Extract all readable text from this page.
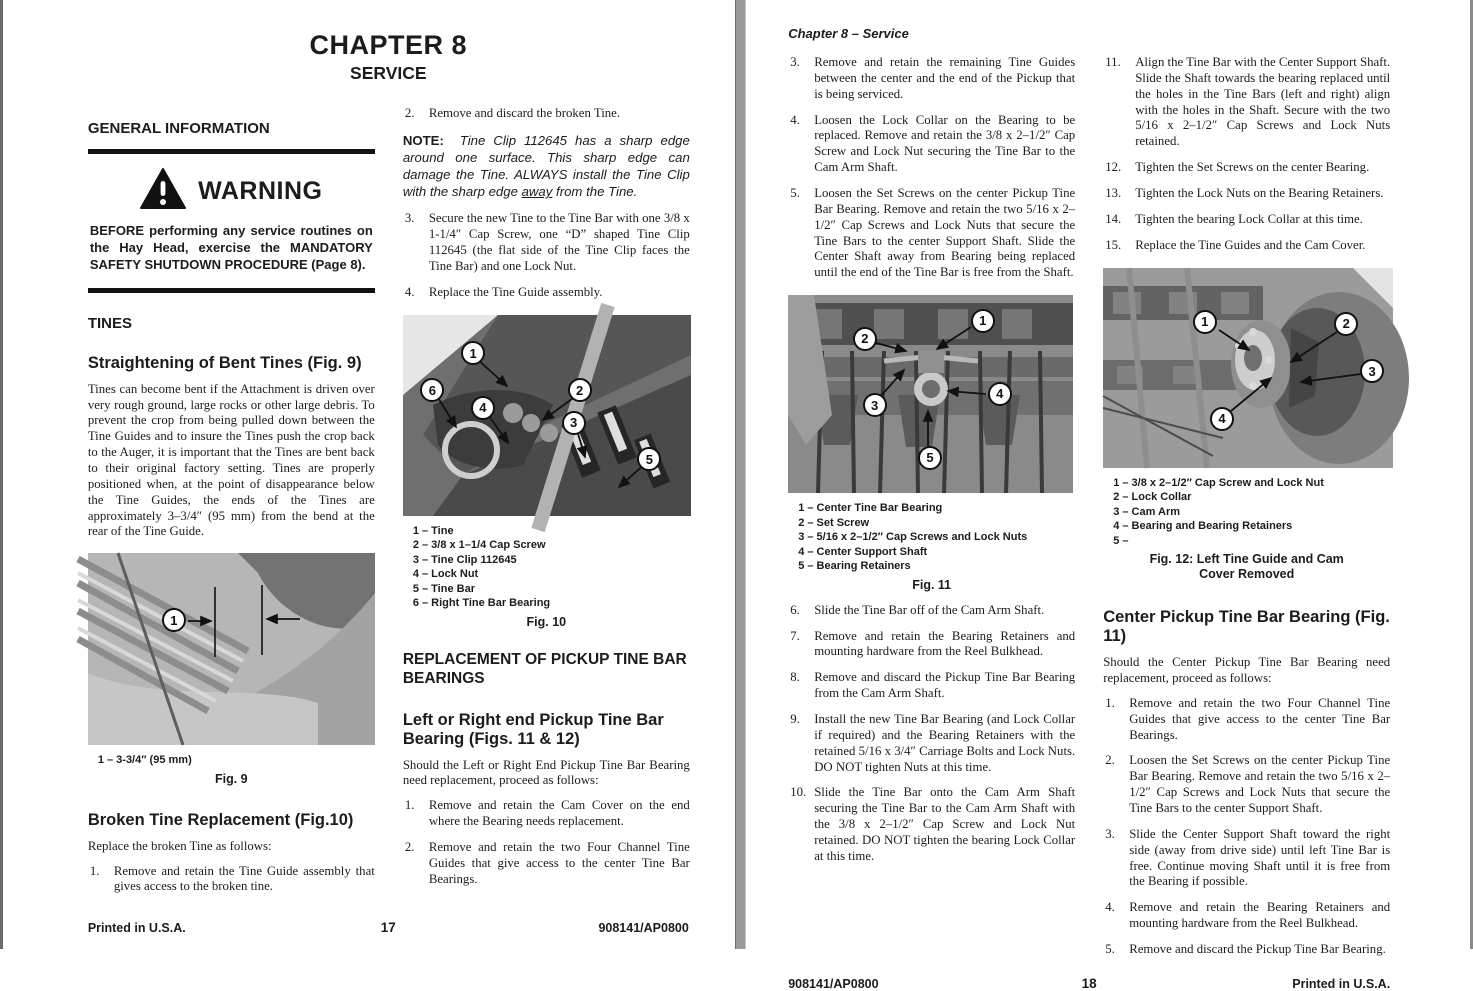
CHAPTER 8
SERVICE
GENERAL INFORMATION
WARNING
BEFORE performing any service routines on the Hay Head, exercise the MANDATORY SAFETY SHUTDOWN PROCEDURE (Page 8).
TINES
Straightening of Bent Tines (Fig. 9)

Tines can become bent if the Attachment is driven over very rough ground, large rocks or other large debris. To prevent the crop from being pulled down between the Tine Guides and to insure the Tines push the crop back to the Auger, it is important that the Tines are bent back to their original factory setting. Tines are properly positioned when, at the point of disappearance below the Tine Guides, the ends of the Tines are approximately 3–3/4″ (95 mm) from the bend at the rear of the Tine Guide.

1
1 – 3-3/4″ (95 mm)
Fig. 9
Broken Tine Replacement (Fig.10)

Replace the broken Tine as follows:

1.	Remove and retain the Tine Guide assembly that gives access to the broken tine.
2.	Remove and discard the broken Tine.

NOTE: Tine Clip 112645 has a sharp edge around one surface. This sharp edge can damage the Tine. ALWAYS install the Tine Clip with the sharp edge away from the Tine.

3.	Secure the new Tine to the Tine Bar with one 3/8 x 1-1/4″ Cap Screw, one “D” shaped Tine Clip 112645 (the flat side of the Tine Clip faces the Tine Bar) and one Lock Nut.
4.	Replace the Tine Guide assembly.
1
2
3
4
5
6
1 – Tine
2 – 3/8 x 1–1/4 Cap Screw
3 – Tine Clip 112645
4 – Lock Nut
5 – Tine Bar
6 – Right Tine Bar Bearing
Fig. 10
REPLACEMENT OF PICKUP TINE BAR BEARINGS
Left or Right end Pickup Tine Bar Bearing (Figs. 11 & 12)

Should the Left or Right End Pickup Tine Bar Bearing need replacement, proceed as follows:

1.	Remove and retain the Cam Cover on the end where the Bearing needs replacement.
2.	Remove and retain the two Four Channel Tine Guides that give access to the center Tine Bar Bearings.
Printed in U.S.A.	17	908141/AP0800
Chapter 8 – Service
3.	Remove and retain the remaining Tine Guides between the center and the end of the Pickup that is being serviced.
4.	Loosen the Lock Collar on the Bearing to be replaced. Remove and retain the 3/8 x 2–1/2″ Cap Screw and Lock Nut securing the Tine Bar to the Cam Arm Shaft.
5.	Loosen the Set Screws on the center Pickup Tine Bar Bearing. Remove and retain the two 5/16 x 2–1/2″ Cap Screws and Lock Nuts that secure the Tine Bars to the center Support Shaft. Slide the Center Shaft away from Bearing being replaced until the end of the Tine Bar is free from the Shaft.
1
2
3
4
5
1 – Center Tine Bar Bearing
2 – Set Screw
3 – 5/16 x 2–1/2″ Cap Screws and Lock Nuts
4 – Center Support Shaft
5 – Bearing Retainers
Fig. 11
6.	Slide the Tine Bar off of the Cam Arm Shaft.
7.	Remove and retain the Bearing Retainers and mounting hardware from the Reel Bulkhead.
8.	Remove and discard the Pickup Tine Bar Bearing from the Cam Arm Shaft.
9.	Install the new Tine Bar Bearing (and Lock Collar if required) and the Bearing Retainers with the retained 5/16 x 3/4″ Carriage Bolts and Lock Nuts. DO NOT tighten Nuts at this time.
10. Slide the Tine Bar onto the Cam Arm Shaft securing the Tine Bar to the Cam Arm Shaft with the 3/8 x 2–1/2″ Cap Screw and Lock Nut retained. DO NOT tighten the bearing Lock Collar at this time.
11.	Align the Tine Bar with the Center Support Shaft. Slide the Shaft towards the bearing replaced until the holes in the Tine Bars (left and right) align with the holes in the Shaft. Secure with the two 5/16 x 2–1/2″ Cap Screws and Lock Nuts retained.
12.	Tighten the Set Screws on the center Bearing.
13.	Tighten the Lock Nuts on the Bearing Retainers.
14.	Tighten the bearing Lock Collar at this time.
15.	Replace the Tine Guides and the Cam Cover.
1	2
3
4
1 – 3/8 x 2–1/2″ Cap Screw and Lock Nut
2 – Lock Collar
3 – Cam Arm
4 – Bearing and Bearing Retainers
5 –
Fig. 12: Left Tine Guide and Cam Cover Removed
Center Pickup Tine Bar Bearing (Fig. 11)

Should the Center Pickup Tine Bar Bearing need replacement, proceed as follows:

1.	Remove and retain the two Four Channel Tine Guides that give access to the center Tine Bar Bearings.
2.	Loosen the Set Screws on the center Pickup Tine Bar Bearing. Remove and retain the two 5/16 x 2–1/2″ Cap Screws and Lock Nuts that secure the Tine Bars to the center Support Shaft.
3.	Slide the Center Support Shaft toward the right side (away from drive side) until left Tine Bar is free. Continue moving Shaft until it is free from the Bearing if possible.
4.	Remove and retain the Bearing Retainers and mounting hardware from the Reel Bulkhead.
5.	Remove and discard the Pickup Tine Bar Bearing.
908141/AP0800	18	Printed in U.S.A.
